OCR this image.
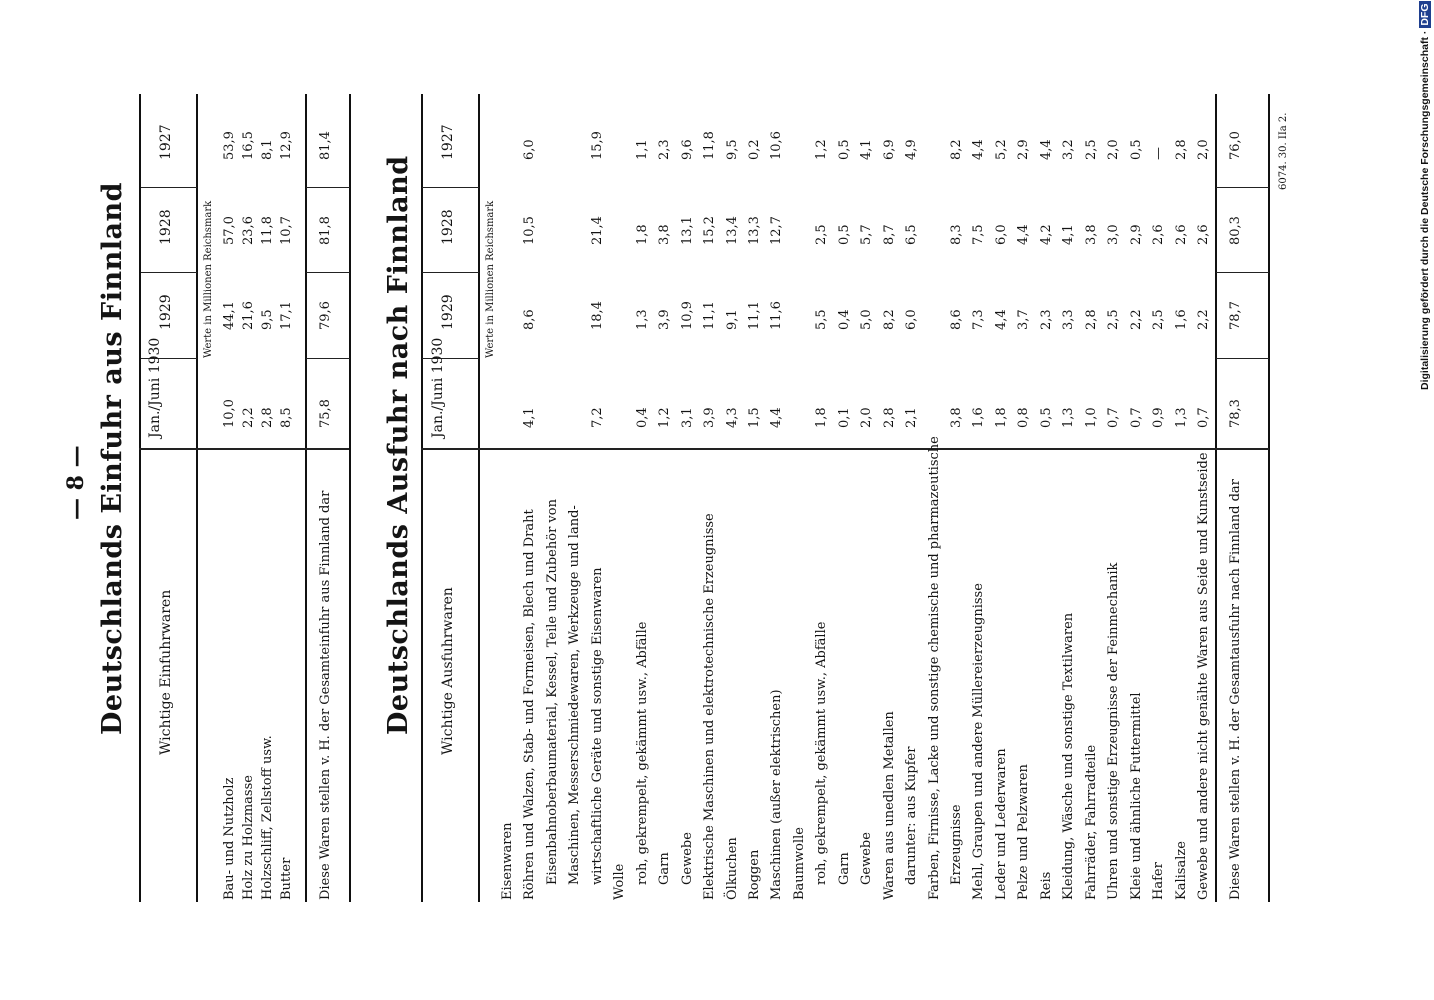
— 8 — Deutschlands Einfuhr aus Finnland Wichtige Einfuhrwaren
Jan./Juni 1930
1929
1928
1927
Werte in Millionen Reichsmark
Bau- und Nutzholz
10,0
44,1
57,0
53,9
Holz zu Holzmasse
2,2
21,6
23,6
16,5
Holzschliff, Zellstoff usw.
2,8
9,5
11,8
8,1
Butter
8,5
17,1
10,7
12,9
Diese Waren stellen v. H. der Gesamteinfuhr aus Finnland dar
75,8
79,6
81,8
81,4
Deutschlands Ausfuhr nach Finnland Wichtige Ausfuhrwaren
Jan./Juni 1930
1929
1928
1927
Werte in Millionen Reichsmark
Eisenwaren Röhren und Walzen, Stab- und Formeisen, Blech und Draht
4,1
8,6
10,5
6,0
Eisenbahnoberbaumaterial, Kessel, Teile und Zubehör von Maschinen, Messerschmiedewaren, Werkzeuge und land- wirtschaftliche Geräte und sonstige Eisenwaren
7,2
18,4
21,4
15,9
Wolle roh, gekrempelt, gekämmt usw., Abfälle
0,4
1,3
1,8
1,1
Garn
1,2
3,9
3,8
2,3
Gewebe
3,1
10,9
13,1
9,6
Elektrische Maschinen und elektrotechnische Erzeugnisse
3,9
11,1
15,2
11,8
Ölkuchen
4,3
9,1
13,4
9,5
Roggen
1,5
11,1
13,3
0,2
Maschinen (außer elektrischen)
4,4
11,6
12,7
10,6
Baumwolle roh, gekrempelt, gekämmt usw., Abfälle
1,8
5,5
2,5
1,2
Garn
0,1
0,4
0,5
0,5
Gewebe
2,0
5,0
5,7
4,1
Waren aus unedlen Metallen
2,8
8,2
8,7
6,9
darunter: aus Kupfer
2,1
6,0
6,5
4,9
Farben, Firnisse, Lacke und sonstige chemische und pharmazeutische Erzeugnisse
3,8
8,6
8,3
8,2
Mehl, Graupen und andere Müllereierzeugnisse
1,6
7,3
7,5
4,4
Leder und Lederwaren
1,8
4,4
6,0
5,2
Pelze und Pelzwaren
0,8
3,7
4,4
2,9
Reis
0,5
2,3
4,2
4,4
Kleidung, Wäsche und sonstige Textilwaren
1,3
3,3
4,1
3,2
Fahrräder, Fahrradteile
1,0
2,8
3,8
2,5
Uhren und sonstige Erzeugnisse der Feinmechanik
0,7
2,5
3,0
2,0
Kleie und ähnliche Futtermittel
0,7
2,2
2,9
0,5
Hafer
0,9
2,5
2,6
—
Kalisalze
1,3
1,6
2,6
2,8
Gewebe und andere nicht genähte Waren aus Seide und Kunstseide
0,7
2,2
2,6
2,0
Diese Waren stellen v. H. der Gesamtausfuhr nach Finnland dar
78,3
78,7
80,3
76,0	6074. 30. IIa 2.	Digitalisierung gefördert durch die Deutsche Forschungsgemeinschaft · DFG
